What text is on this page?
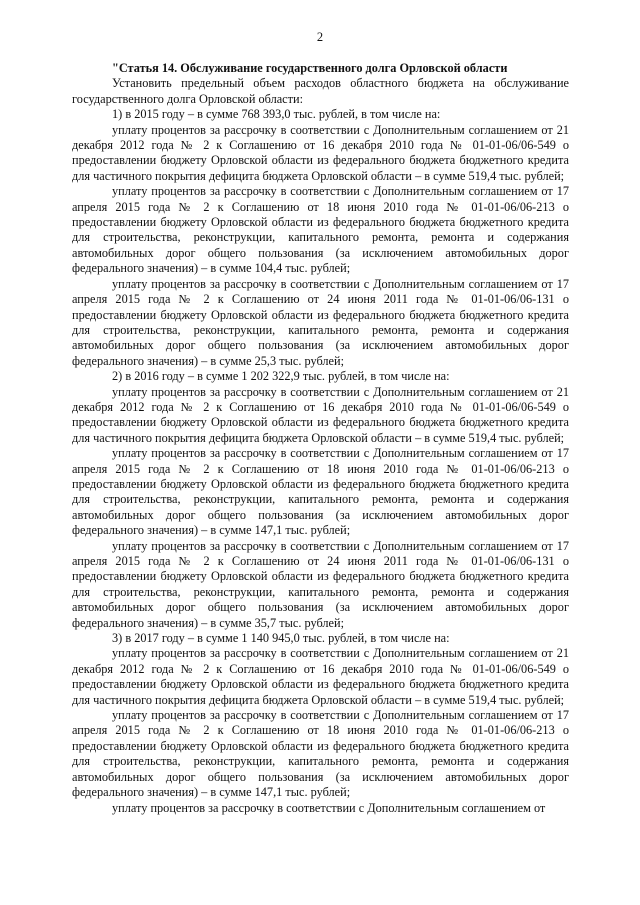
2

"Статья 14. Обслуживание государственного долга Орловской области

Установить предельный объем расходов областного бюджета на обслуживание государственного долга Орловской области:

1) в 2015 году – в сумме 768 393,0 тыс. рублей, в том числе на:

уплату процентов за рассрочку в соответствии с Дополнительным соглашением от 21 декабря 2012 года № 2 к Соглашению от 16 декабря 2010 года № 01-01-06/06-549 о предоставлении бюджету Орловской области из федерального бюджета бюджетного кредита для частичного покрытия дефицита бюджета Орловской области – в сумме 519,4 тыс. рублей;

уплату процентов за рассрочку в соответствии с Дополнительным соглашением от 17 апреля 2015 года № 2 к Соглашению от 18 июня 2010 года № 01-01-06/06-213 о предоставлении бюджету Орловской области из федерального бюджета бюджетного кредита для строительства, реконструкции, капитального ремонта, ремонта и содержания автомобильных дорог общего пользования (за исключением автомобильных дорог федерального значения) – в сумме 104,4 тыс. рублей;

уплату процентов за рассрочку в соответствии с Дополнительным соглашением от 17 апреля 2015 года № 2 к Соглашению от 24 июня 2011 года № 01-01-06/06-131 о предоставлении бюджету Орловской области из федерального бюджета бюджетного кредита для строительства, реконструкции, капитального ремонта, ремонта и содержания автомобильных дорог общего пользования (за исключением автомобильных дорог федерального значения) – в сумме 25,3 тыс. рублей;

2) в 2016 году – в сумме 1 202 322,9 тыс. рублей, в том числе на:

уплату процентов за рассрочку в соответствии с Дополнительным соглашением от 21 декабря 2012 года № 2 к Соглашению от 16 декабря 2010 года № 01-01-06/06-549 о предоставлении бюджету Орловской области из федерального бюджета бюджетного кредита для частичного покрытия дефицита бюджета Орловской области – в сумме 519,4 тыс. рублей;

уплату процентов за рассрочку в соответствии с Дополнительным соглашением от 17 апреля 2015 года № 2 к Соглашению от 18 июня 2010 года № 01-01-06/06-213 о предоставлении бюджету Орловской области из федерального бюджета бюджетного кредита для строительства, реконструкции, капитального ремонта, ремонта и содержания автомобильных дорог общего пользования (за исключением автомобильных дорог федерального значения) – в сумме 147,1 тыс. рублей;

уплату процентов за рассрочку в соответствии с Дополнительным соглашением от 17 апреля 2015 года № 2 к Соглашению от 24 июня 2011 года № 01-01-06/06-131 о предоставлении бюджету Орловской области из федерального бюджета бюджетного кредита для строительства, реконструкции, капитального ремонта, ремонта и содержания автомобильных дорог общего пользования (за исключением автомобильных дорог федерального значения) – в сумме 35,7 тыс. рублей;

3) в 2017 году – в сумме 1 140 945,0 тыс. рублей, в том числе на:

уплату процентов за рассрочку в соответствии с Дополнительным соглашением от 21 декабря 2012 года № 2 к Соглашению от 16 декабря 2010 года № 01-01-06/06-549 о предоставлении бюджету Орловской области из федерального бюджета бюджетного кредита для частичного покрытия дефицита бюджета Орловской области – в сумме 519,4 тыс. рублей;

уплату процентов за рассрочку в соответствии с Дополнительным соглашением от 17 апреля 2015 года № 2 к Соглашению от 18 июня 2010 года № 01-01-06/06-213 о предоставлении бюджету Орловской области из федерального бюджета бюджетного кредита для строительства, реконструкции, капитального ремонта, ремонта и содержания автомобильных дорог общего пользования (за исключением автомобильных дорог федерального значения) – в сумме 147,1 тыс. рублей;

уплату процентов за рассрочку в соответствии с Дополнительным соглашением от
